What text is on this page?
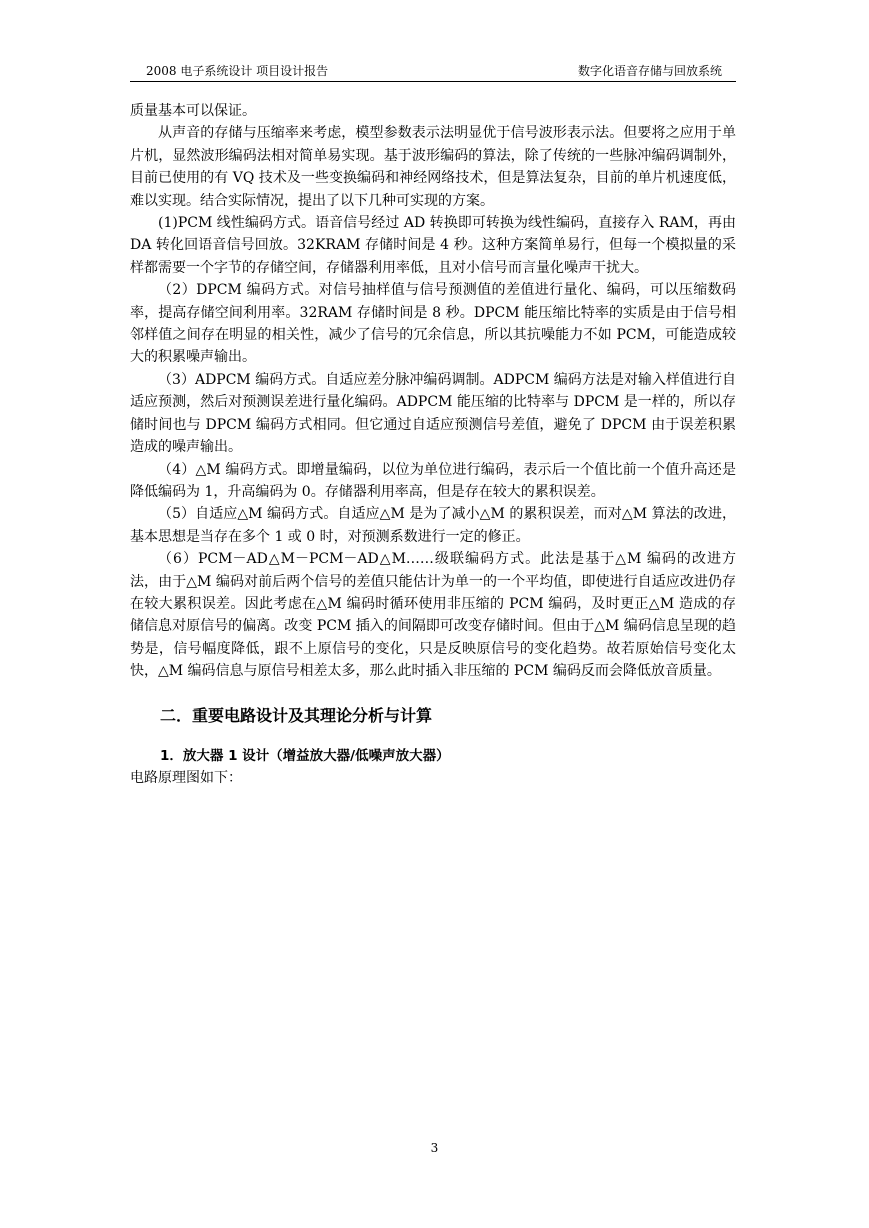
2008 电子系统设计 项目设计报告	数字化语音存储与回放系统

质量基本可以保证。

从声音的存储与压缩率来考虑，模型参数表示法明显优于信号波形表示法。但要将之应用于单片机，显然波形编码法相对简单易实现。基于波形编码的算法，除了传统的一些脉冲编码调制外，目前已使用的有 VQ 技术及一些变换编码和神经网络技术，但是算法复杂，目前的单片机速度低，难以实现。结合实际情况，提出了以下几种可实现的方案。

(1)PCM 线性编码方式。语音信号经过 AD 转换即可转换为线性编码，直接存入 RAM，再由 DA 转化回语音信号回放。32KRAM 存储时间是 4 秒。这种方案简单易行，但每一个模拟量的采样都需要一个字节的存储空间，存储器利用率低，且对小信号而言量化噪声干扰大。

（2）DPCM 编码方式。对信号抽样值与信号预测值的差值进行量化、编码，可以压缩数码率，提高存储空间利用率。32RAM 存储时间是 8 秒。DPCM 能压缩比特率的实质是由于信号相邻样值之间存在明显的相关性，减少了信号的冗余信息，所以其抗噪能力不如 PCM，可能造成较大的积累噪声输出。

（3）ADPCM 编码方式。自适应差分脉冲编码调制。ADPCM 编码方法是对输入样值进行自适应预测，然后对预测误差进行量化编码。ADPCM 能压缩的比特率与 DPCM 是一样的，所以存储时间也与 DPCM 编码方式相同。但它通过自适应预测信号差值，避免了 DPCM 由于误差积累造成的噪声输出。

（4）△M 编码方式。即增量编码，以位为单位进行编码，表示后一个值比前一个值升高还是降低编码为 1，升高编码为 0。存储器利用率高，但是存在较大的累积误差。

（5）自适应△M 编码方式。自适应△M 是为了减小△M 的累积误差，而对△M 算法的改进，基本思想是当存在多个 1 或 0 时，对预测系数进行一定的修正。

（6）PCM－AD△M－PCM－AD△M……级联编码方式。此法是基于△M 编码的改进方法，由于△M 编码对前后两个信号的差值只能估计为单一的一个平均值，即使进行自适应改进仍存在较大累积误差。因此考虑在△M 编码时循环使用非压缩的 PCM 编码，及时更正△M 造成的存储信息对原信号的偏离。改变 PCM 插入的间隔即可改变存储时间。但由于△M 编码信息呈现的趋势是，信号幅度降低，跟不上原信号的变化，只是反映原信号的变化趋势。故若原始信号变化太快，△M 编码信息与原信号相差太多，那么此时插入非压缩的 PCM 编码反而会降低放音质量。

二．重要电路设计及其理论分析与计算
1．放大器 1 设计（增益放大器/低噪声放大器）

电路原理图如下：

3
